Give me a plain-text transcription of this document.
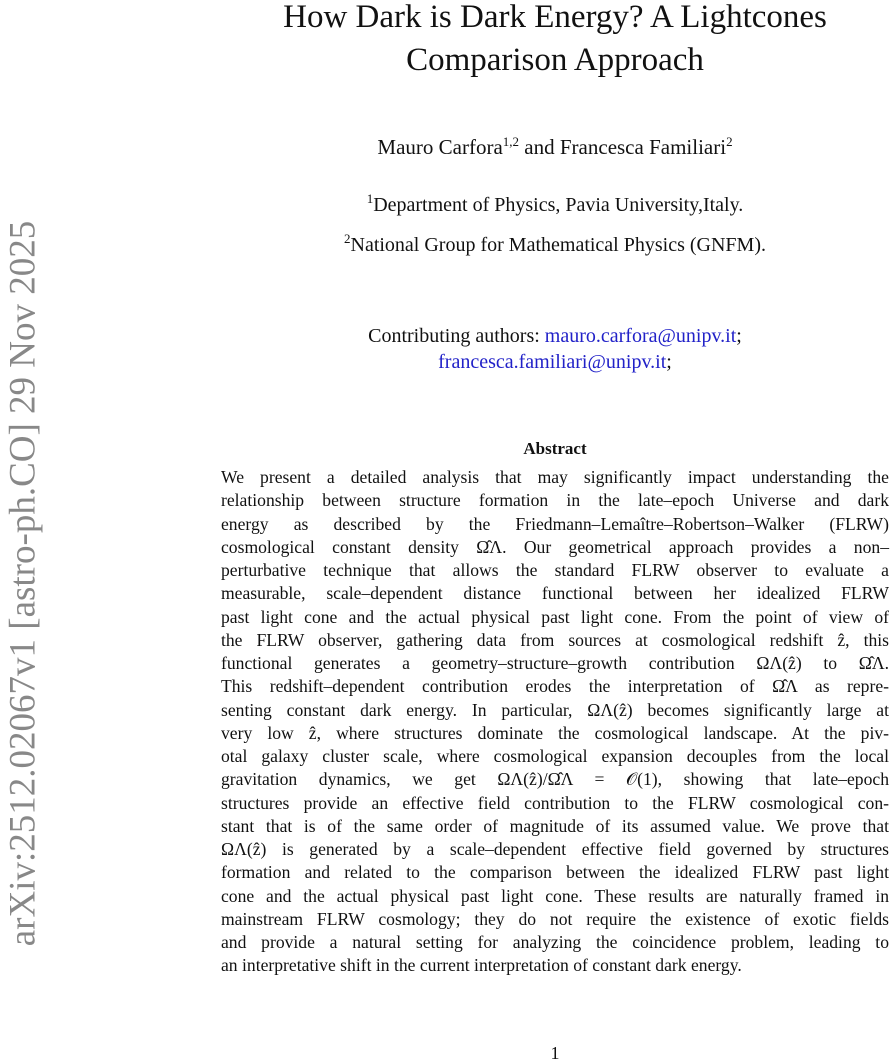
arXiv:2512.02067v1 [astro-ph.CO] 29 Nov 2025
How Dark is Dark Energy? A Lightcones
Comparison Approach
Mauro Carfora$^{1,2}$ and Francesca Familiari$^2$
$^1$Department of Physics, Pavia University,Italy.
$^2$National Group for Mathematical Physics (GNFM).
Contributing authors: mauro.carfora@unipv.it;
francesca.familiari@unipv.it;
Abstract
We present a detailed analysis that may significantly impact understanding the
relationship between structure formation in the late–epoch Universe and dark
energy as described by the Friedmann–Lemaître–Robertson–Walker (FLRW)
cosmological constant density Ω̂Λ. Our geometrical approach provides a non–
perturbative technique that allows the standard FLRW observer to evaluate a
measurable, scale–dependent distance functional between her idealized FLRW
past light cone and the actual physical past light cone. From the point of view of
the FLRW observer, gathering data from sources at cosmological redshift ẑ, this
functional generates a geometry–structure–growth contribution ΩΛ(ẑ) to Ω̂Λ.
This redshift–dependent contribution erodes the interpretation of Ω̂Λ as repre-
senting constant dark energy. In particular, ΩΛ(ẑ) becomes significantly large at
very low ẑ, where structures dominate the cosmological landscape. At the piv-
otal galaxy cluster scale, where cosmological expansion decouples from the local
gravitation dynamics, we get ΩΛ(ẑ)/Ω̂Λ = 𝒪(1), showing that late–epoch
structures provide an effective field contribution to the FLRW cosmological con-
stant that is of the same order of magnitude of its assumed value. We prove that
ΩΛ(ẑ) is generated by a scale–dependent effective field governed by structures
formation and related to the comparison between the idealized FLRW past light
cone and the actual physical past light cone. These results are naturally framed in
mainstream FLRW cosmology; they do not require the existence of exotic fields
and provide a natural setting for analyzing the coincidence problem, leading to
an interpretative shift in the current interpretation of constant dark energy.
1
